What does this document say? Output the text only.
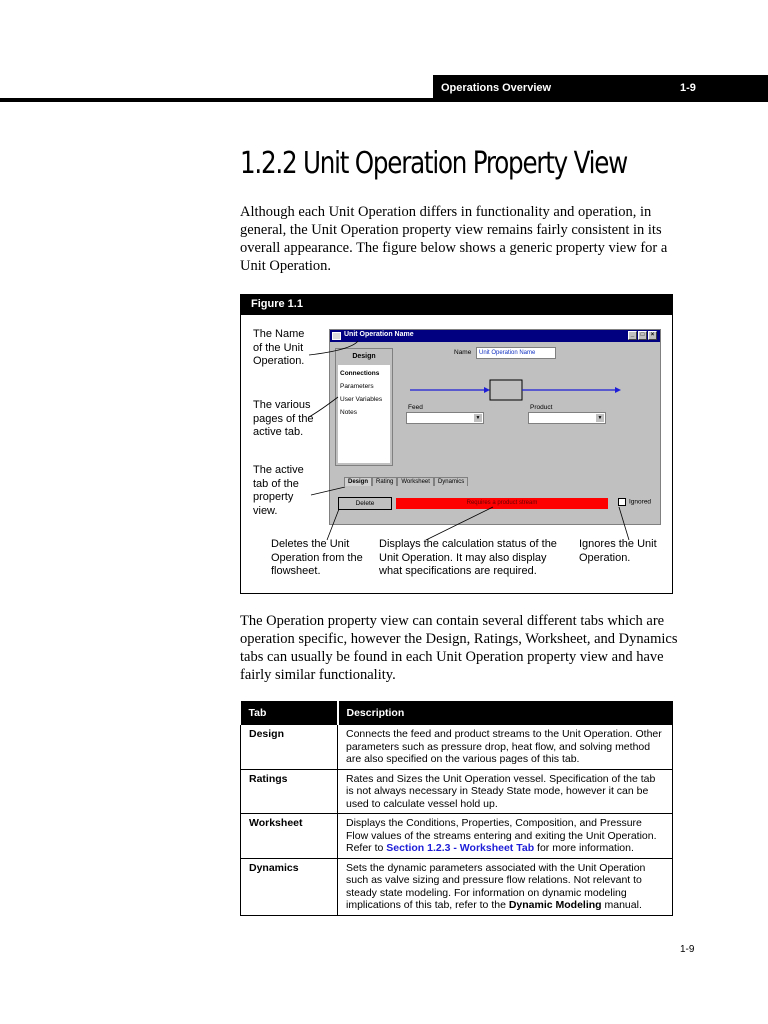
Operations Overview	1-9
1.2.2 Unit Operation Property View

Although each Unit Operation differs in functionality and operation, in general, the Unit Operation property view remains fairly consistent in its overall appearance. The figure below shows a generic property view for a Unit Operation.

Figure 1.1
The Name of the Unit Operation.
The various pages of the active tab.
The active tab of the property view.
Deletes the Unit Operation from the flowsheet.
Displays the calculation status of the Unit Operation. It may also display what specifications are required.
Ignores the Unit Operation.
Unit Operation Name	_	□	×
Design
Connections
Parameters
User Variables
Notes
Name	Unit Operation Name
Feed
▼
Product
▼
Design	Rating	Worksheet	Dynamics
Delete	Requires a product stream	Ignored

The Operation property view can contain several different tabs which are operation specific, however the Design, Ratings, Worksheet, and Dynamics tabs can usually be found in each Unit Operation property view and have fairly similar functionality.

Tab	Description
Design	Connects the feed and product streams to the Unit Operation. Other parameters such as pressure drop, heat flow, and solving method are also specified on the various pages of this tab.
Ratings	Rates and Sizes the Unit Operation vessel. Specification of the tab is not always necessary in Steady State mode, however it can be used to calculate vessel hold up.
Worksheet	Displays the Conditions, Properties, Composition, and Pressure Flow values of the streams entering and exiting the Unit Operation. Refer to Section 1.2.3 - Worksheet Tab for more information.
Dynamics	Sets the dynamic parameters associated with the Unit Operation such as valve sizing and pressure flow relations. Not relevant to steady state modeling. For information on dynamic modeling implications of this tab, refer to the Dynamic Modeling manual.
1-9
